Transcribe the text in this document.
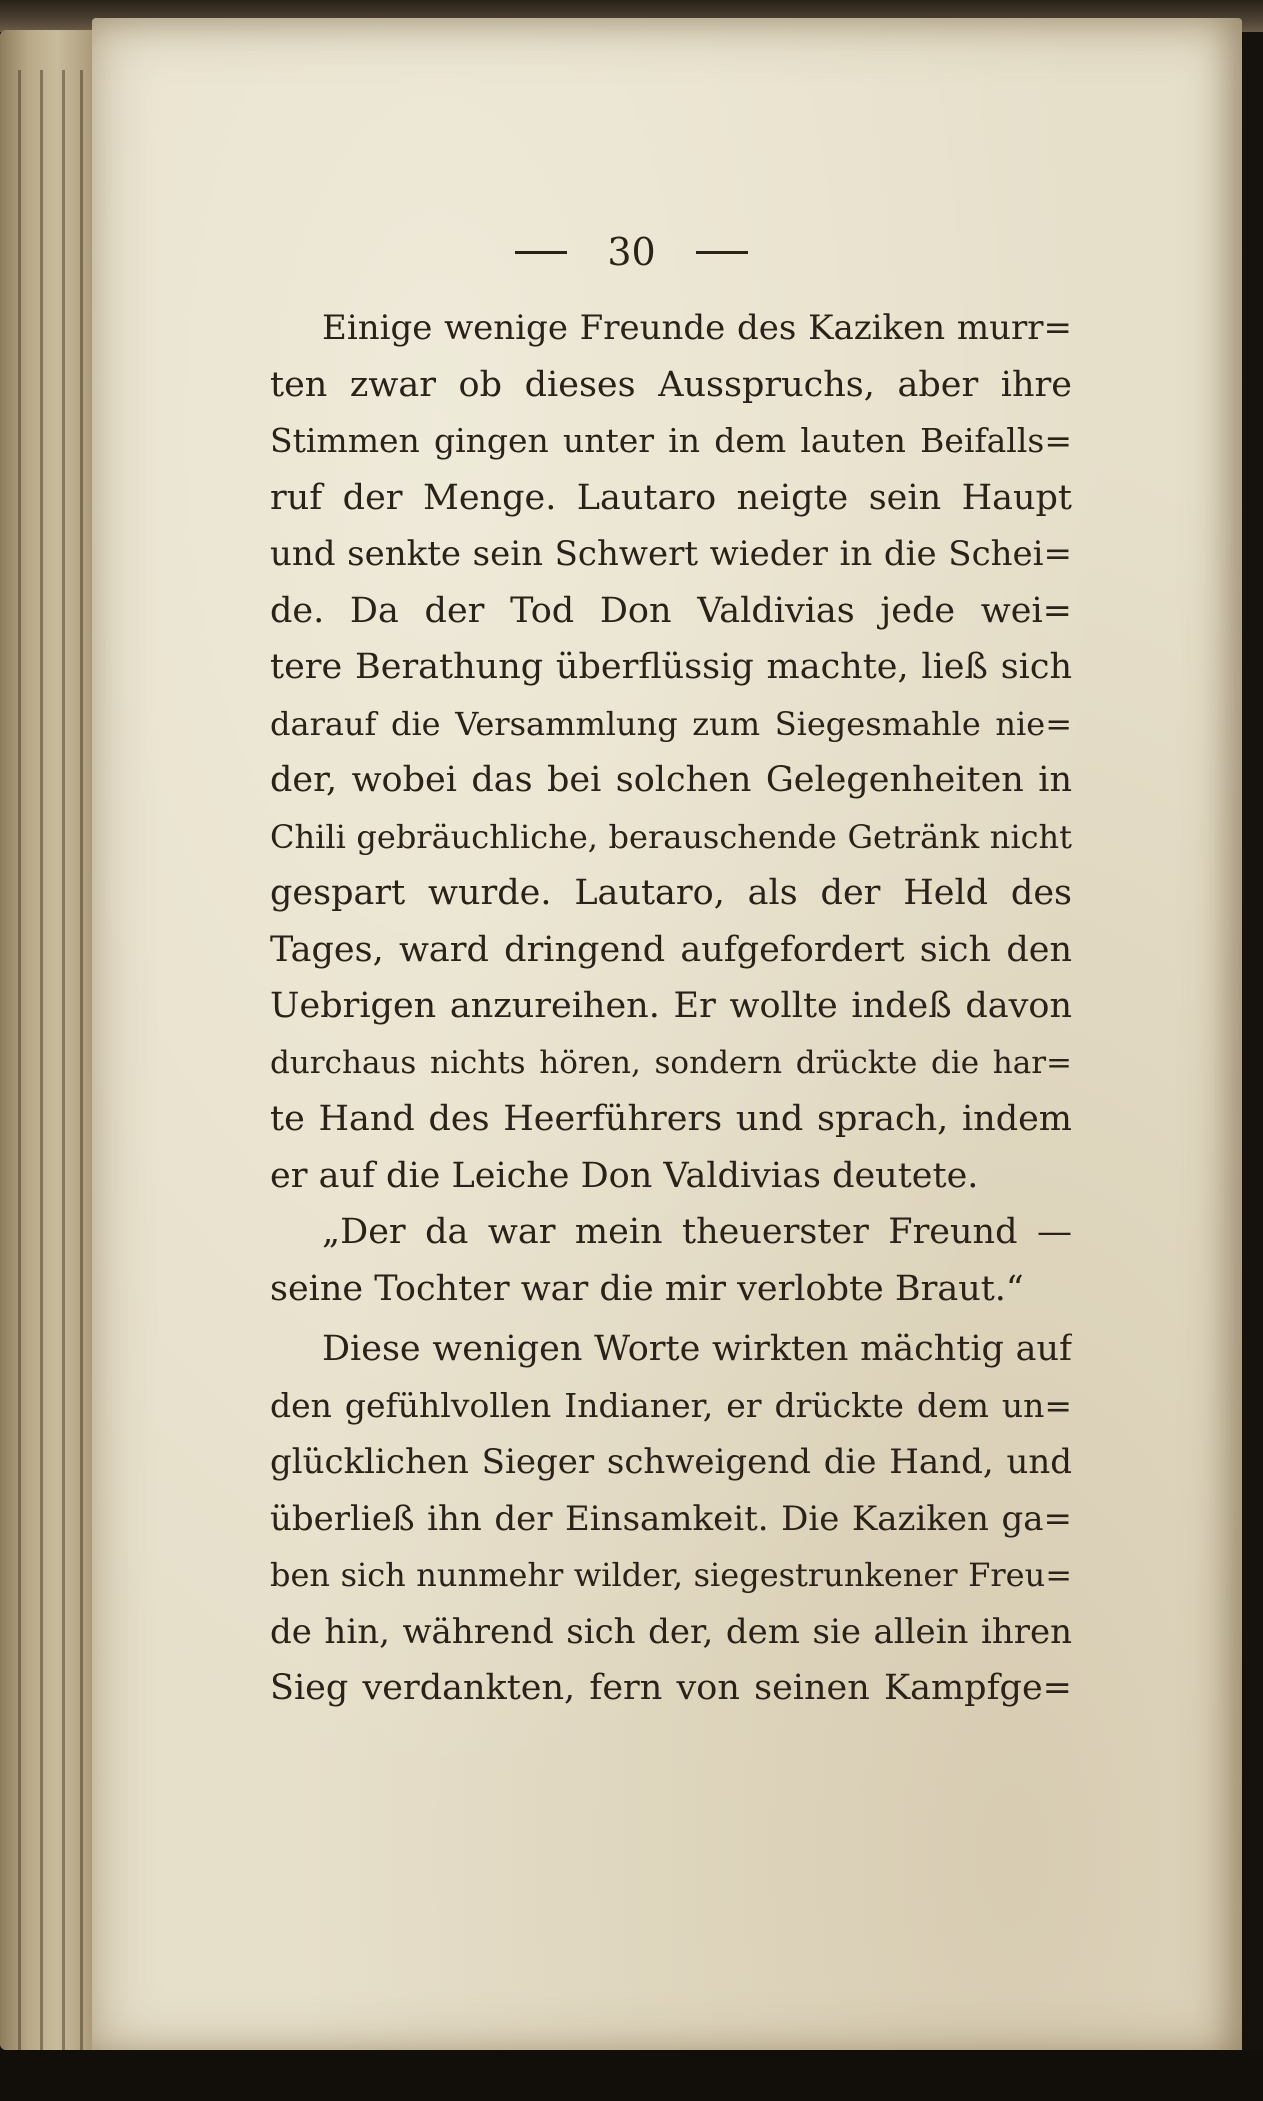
30
Einige wenige Freunde des Kaziken murr=
ten zwar ob dieses Ausspruchs, aber ihre
Stimmen gingen unter in dem lauten Beifalls=
ruf der Menge. Lautaro neigte sein Haupt
und senkte sein Schwert wieder in die Schei=
de. Da der Tod Don Valdivias jede wei=
tere Berathung überflüssig machte, ließ sich
darauf die Versammlung zum Siegesmahle nie=
der, wobei das bei solchen Gelegenheiten in
Chili gebräuchliche, berauschende Getränk nicht
gespart wurde. Lautaro, als der Held des
Tages, ward dringend aufgefordert sich den
Uebrigen anzureihen. Er wollte indeß davon
durchaus nichts hören, sondern drückte die har=
te Hand des Heerführers und sprach, indem
er auf die Leiche Don Valdivias deutete.
„Der da war mein theuerster Freund —
seine Tochter war die mir verlobte Braut.“
Diese wenigen Worte wirkten mächtig auf
den gefühlvollen Indianer, er drückte dem un=
glücklichen Sieger schweigend die Hand, und
überließ ihn der Einsamkeit. Die Kaziken ga=
ben sich nunmehr wilder, siegestrunkener Freu=
de hin, während sich der, dem sie allein ihren
Sieg verdankten, fern von seinen Kampfge=
